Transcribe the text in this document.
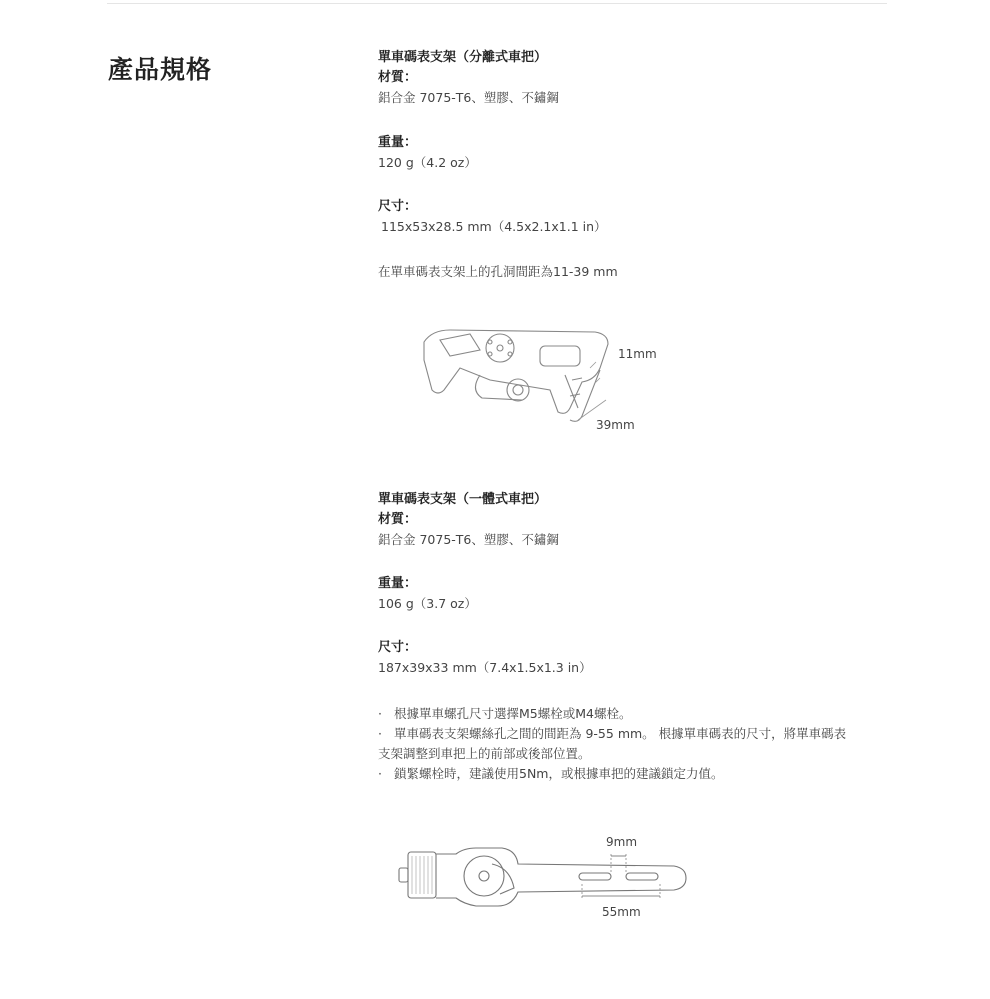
產品規格	單車碼表支架（分離式車把）
材質：
鋁合金 7075-T6、塑膠、不鏽鋼
重量：
120 g（4.2 oz）
尺寸：
115x53x28.5 mm（4.5x2.1x1.1 in）
在單車碼表支架上的孔洞間距為11-39 mm
11mm
39mm
單車碼表支架（一體式車把）
材質：
鋁合金 7075-T6、塑膠、不鏽鋼
重量：
106 g（3.7 oz）
尺寸：
187x39x33 mm（7.4x1.5x1.3 in）

· 根據單車螺孔尺寸選擇M5螺栓或M4螺栓。

· 單車碼表支架螺絲孔之間的間距為 9-55 mm。 根據單車碼表的尺寸，將單車碼表支架調整到車把上的前部或後部位置。

· 鎖緊螺栓時，建議使用5Nm，或根據車把的建議鎖定力值。

9mm
55mm
